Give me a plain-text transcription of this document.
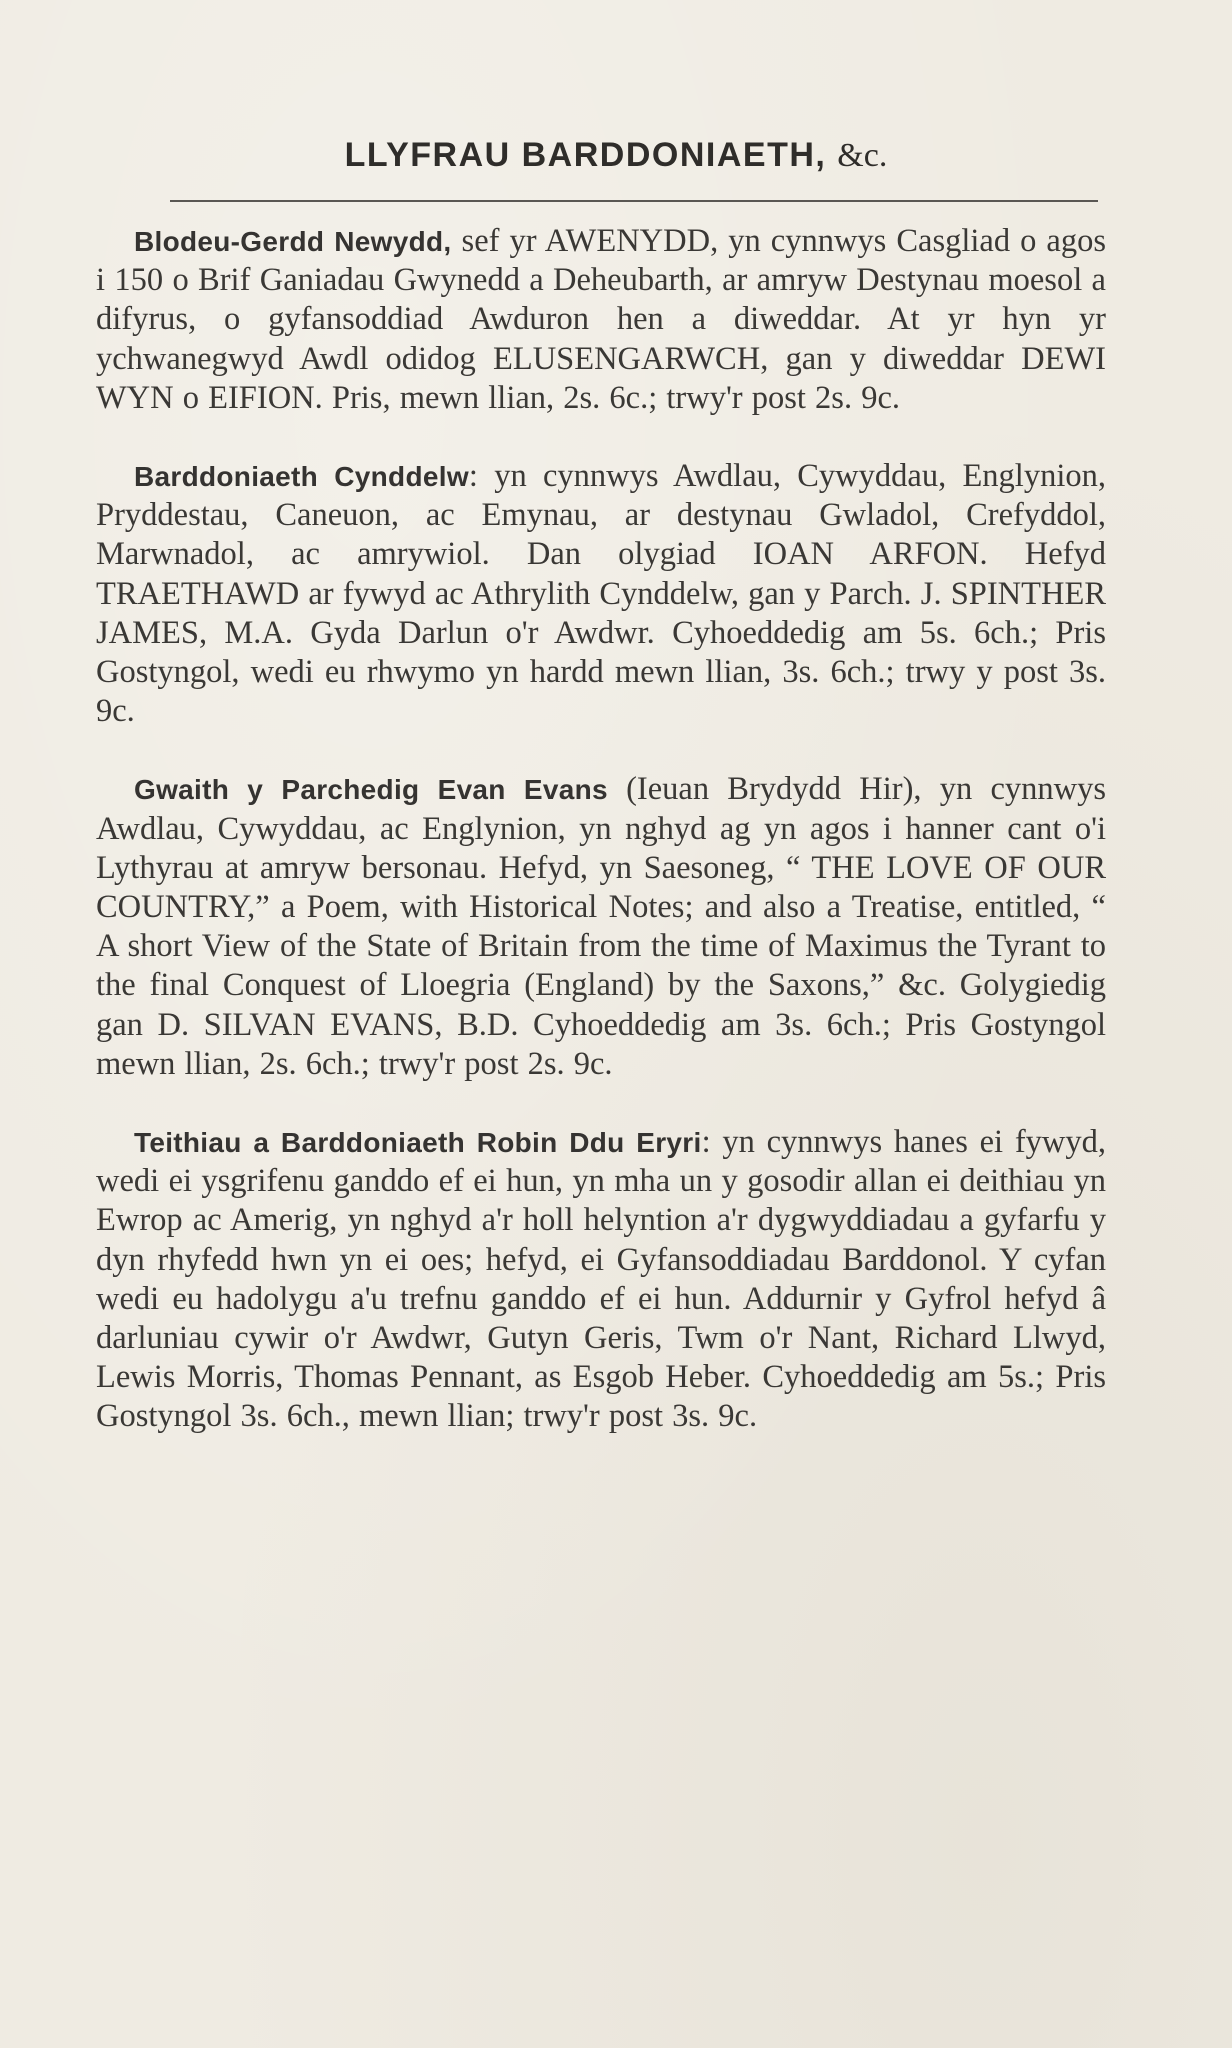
LLYFRAU BARDDONIAETH, &c.

Blodeu-Gerdd Newydd, sef yr AWENYDD, yn cynnwys Casgliad o agos i 150 o Brif Ganiadau Gwynedd a Deheubarth, ar amryw Destynau moesol a difyrus, o gyfansoddiad Awduron hen a diweddar. At yr hyn yr ychwanegwyd Awdl odidog ELUSENGARWCH, gan y diweddar DEWI WYN o EIFION. Pris, mewn llian, 2s. 6c.; trwy'r post 2s. 9c.

Barddoniaeth Cynddelw: yn cynnwys Awdlau, Cywyddau, Englynion, Pryddestau, Caneuon, ac Emynau, ar destynau Gwladol, Crefyddol, Marwnadol, ac amrywiol. Dan olygiad IOAN ARFON. Hefyd TRAETHAWD ar fywyd ac Athrylith Cynddelw, gan y Parch. J. SPINTHER JAMES, M.A. Gyda Darlun o'r Awdwr. Cyhoeddedig am 5s. 6ch.; Pris Gostyngol, wedi eu rhwymo yn hardd mewn llian, 3s. 6ch.; trwy y post 3s. 9c.

Gwaith y Parchedig Evan Evans (Ieuan Brydydd Hir), yn cynnwys Awdlau, Cywyddau, ac Englynion, yn nghyd ag yn agos i hanner cant o'i Lythyrau at amryw bersonau. Hefyd, yn Saesoneg, “ THE LOVE OF OUR COUNTRY,” a Poem, with Historical Notes; and also a Treatise, entitled, “ A short View of the State of Britain from the time of Maximus the Tyrant to the final Conquest of Lloegria (England) by the Saxons,” &c. Golygiedig gan D. SILVAN EVANS, B.D. Cyhoeddedig am 3s. 6ch.; Pris Gostyngol mewn llian, 2s. 6ch.; trwy'r post 2s. 9c.

Teithiau a Barddoniaeth Robin Ddu Eryri: yn cynnwys hanes ei fywyd, wedi ei ysgrifenu ganddo ef ei hun, yn mha un y gosodir allan ei deithiau yn Ewrop ac Amerig, yn nghyd a'r holl helyntion a'r dygwyddiadau a gyfarfu y dyn rhyfedd hwn yn ei oes; hefyd, ei Gyfansoddiadau Barddonol. Y cyfan wedi eu hadolygu a'u trefnu ganddo ef ei hun. Addurnir y Gyfrol hefyd â darluniau cywir o'r Awdwr, Gutyn Geris, Twm o'r Nant, Richard Llwyd, Lewis Morris, Thomas Pennant, as Esgob Heber. Cyhoeddedig am 5s.; Pris Gostyngol 3s. 6ch., mewn llian; trwy'r post 3s. 9c.
